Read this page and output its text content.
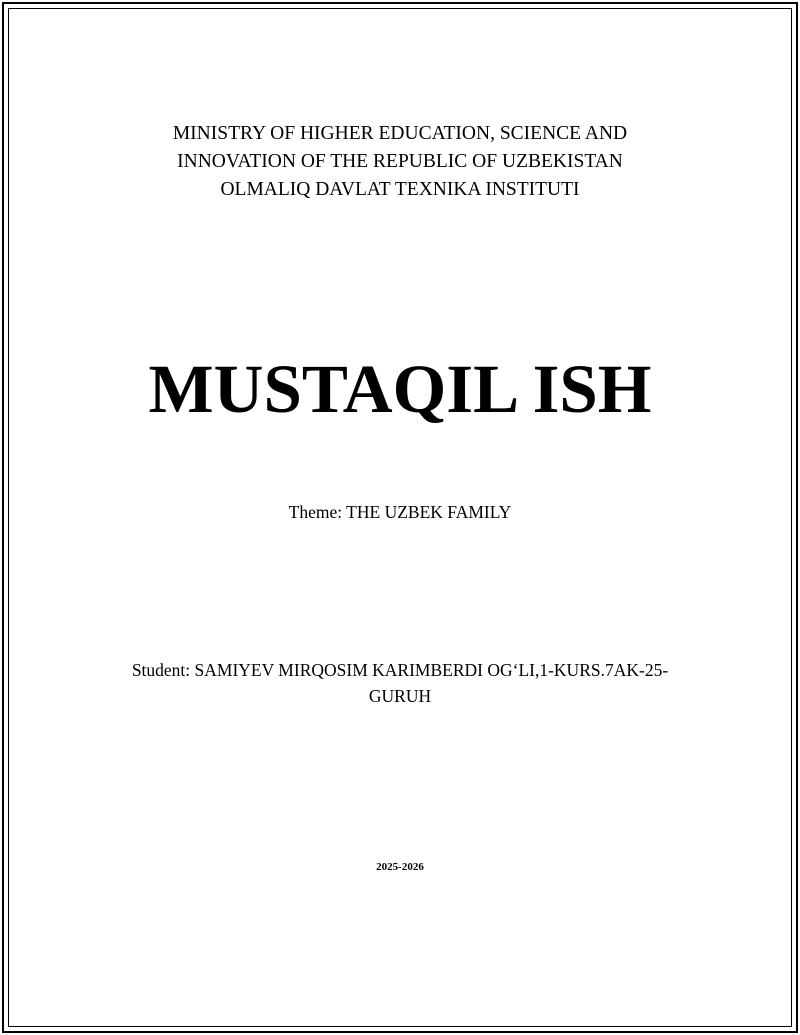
MINISTRY OF HIGHER EDUCATION, SCIENCE AND
INNOVATION OF THE REPUBLIC OF UZBEKISTAN
OLMALIQ DAVLAT TEXNIKA INSTITUTI
MUSTAQIL ISH
Theme: THE UZBEK FAMILY
Student: SAMIYEV MIRQOSIM KARIMBERDI OG‘LI,1-KURS.7AK-25-
GURUH
2025-2026
